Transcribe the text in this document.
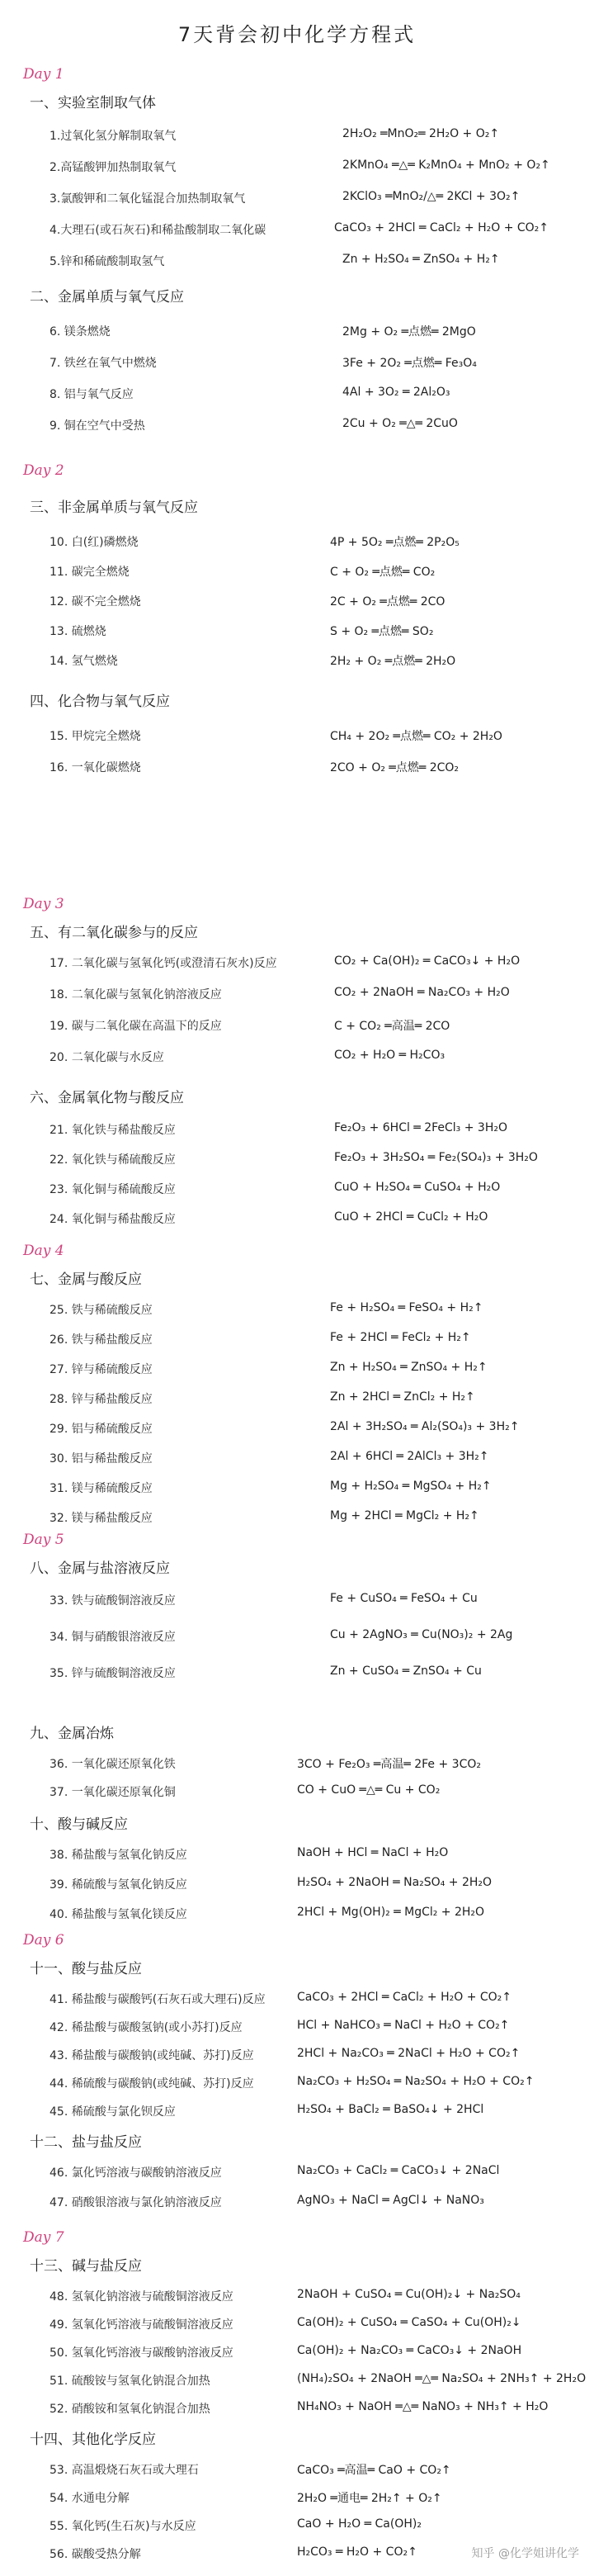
7天背会初中化学方程式
Day 1
一、实验室制取气体
Day 2
三、非金属单质与氧气反应
二、金属单质与氧气反应
四、化合物与氧气反应
Day 3
五、有二氧化碳参与的反应
六、金属氧化物与酸反应
Day 4
七、金属与酸反应
Day 5
八、金属与盐溶液反应
九、金属冶炼
十、酸与碱反应
Day 6
十一、酸与盐反应
十二、盐与盐反应
Day 7
十三、碱与盐反应
十四、其他化学反应
1.过氧化氢分解制取氧气	2H₂O₂ ═MnO₂═ 2H₂O + O₂↑
2.高锰酸钾加热制取氧气	2KMnO₄ ═△═ K₂MnO₄ + MnO₂ + O₂↑
3.氯酸钾和二氧化锰混合加热制取氧气	2KClO₃ ═MnO₂/△═ 2KCl + 3O₂↑
4.大理石(或石灰石)和稀盐酸制取二氧化碳	CaCO₃ + 2HCl ═ CaCl₂ + H₂O + CO₂↑
5.锌和稀硫酸制取氢气	Zn + H₂SO₄ ═ ZnSO₄ + H₂↑
6. 镁条燃烧	2Mg + O₂ ═点燃═ 2MgO
7. 铁丝在氧气中燃烧	3Fe + 2O₂ ═点燃═ Fe₃O₄
8. 铝与氧气反应	4Al + 3O₂ ═ 2Al₂O₃
9. 铜在空气中受热	2Cu + O₂ ═△═ 2CuO
10. 白(红)磷燃烧	4P + 5O₂ ═点燃═ 2P₂O₅
11. 碳完全燃烧	C + O₂ ═点燃═ CO₂
12. 碳不完全燃烧	2C + O₂ ═点燃═ 2CO
13. 硫燃烧	S + O₂ ═点燃═ SO₂
14. 氢气燃烧	2H₂ + O₂ ═点燃═ 2H₂O
15. 甲烷完全燃烧	CH₄ + 2O₂ ═点燃═ CO₂ + 2H₂O
16. 一氧化碳燃烧	2CO + O₂ ═点燃═ 2CO₂
17. 二氧化碳与氢氧化钙(或澄清石灰水)反应	CO₂ + Ca(OH)₂ ═ CaCO₃↓ + H₂O
18. 二氧化碳与氢氧化钠溶液反应	CO₂ + 2NaOH ═ Na₂CO₃ + H₂O
19. 碳与二氧化碳在高温下的反应	C + CO₂ ═高温═ 2CO
20. 二氧化碳与水反应	CO₂ + H₂O ═ H₂CO₃
21. 氧化铁与稀盐酸反应	Fe₂O₃ + 6HCl ═ 2FeCl₃ + 3H₂O
22. 氧化铁与稀硫酸反应	Fe₂O₃ + 3H₂SO₄ ═ Fe₂(SO₄)₃ + 3H₂O
23. 氧化铜与稀硫酸反应	CuO + H₂SO₄ ═ CuSO₄ + H₂O
24. 氧化铜与稀盐酸反应	CuO + 2HCl ═ CuCl₂ + H₂O
25. 铁与稀硫酸反应	Fe + H₂SO₄ ═ FeSO₄ + H₂↑
26. 铁与稀盐酸反应	Fe + 2HCl ═ FeCl₂ + H₂↑
27. 锌与稀硫酸反应	Zn + H₂SO₄ ═ ZnSO₄ + H₂↑
28. 锌与稀盐酸反应	Zn + 2HCl ═ ZnCl₂ + H₂↑
29. 铝与稀硫酸反应	2Al + 3H₂SO₄ ═ Al₂(SO₄)₃ + 3H₂↑
30. 铝与稀盐酸反应	2Al + 6HCl ═ 2AlCl₃ + 3H₂↑
31. 镁与稀硫酸反应	Mg + H₂SO₄ ═ MgSO₄ + H₂↑
32. 镁与稀盐酸反应	Mg + 2HCl ═ MgCl₂ + H₂↑
33. 铁与硫酸铜溶液反应	Fe + CuSO₄ ═ FeSO₄ + Cu
34. 铜与硝酸银溶液反应	Cu + 2AgNO₃ ═ Cu(NO₃)₂ + 2Ag
35. 锌与硫酸铜溶液反应	Zn + CuSO₄ ═ ZnSO₄ + Cu
36. 一氧化碳还原氧化铁	3CO + Fe₂O₃ ═高温═ 2Fe + 3CO₂
37. 一氧化碳还原氧化铜	CO + CuO ═△═ Cu + CO₂
38. 稀盐酸与氢氧化钠反应	NaOH + HCl ═ NaCl + H₂O
39. 稀硫酸与氢氧化钠反应	H₂SO₄ + 2NaOH ═ Na₂SO₄ + 2H₂O
40. 稀盐酸与氢氧化镁反应	2HCl + Mg(OH)₂ ═ MgCl₂ + 2H₂O
41. 稀盐酸与碳酸钙(石灰石或大理石)反应	CaCO₃ + 2HCl ═ CaCl₂ + H₂O + CO₂↑
42. 稀盐酸与碳酸氢钠(或小苏打)反应	HCl + NaHCO₃ ═ NaCl + H₂O + CO₂↑
43. 稀盐酸与碳酸钠(或纯碱、苏打)反应	2HCl + Na₂CO₃ ═ 2NaCl + H₂O + CO₂↑
44. 稀硫酸与碳酸钠(或纯碱、苏打)反应	Na₂CO₃ + H₂SO₄ ═ Na₂SO₄ + H₂O + CO₂↑
45. 稀硫酸与氯化钡反应	H₂SO₄ + BaCl₂ ═ BaSO₄↓ + 2HCl
46. 氯化钙溶液与碳酸钠溶液反应	Na₂CO₃ + CaCl₂ ═ CaCO₃↓ + 2NaCl
47. 硝酸银溶液与氯化钠溶液反应	AgNO₃ + NaCl ═ AgCl↓ + NaNO₃
48. 氢氧化钠溶液与硫酸铜溶液反应	2NaOH + CuSO₄ ═ Cu(OH)₂↓ + Na₂SO₄
49. 氢氧化钙溶液与硫酸铜溶液反应	Ca(OH)₂ + CuSO₄ ═ CaSO₄ + Cu(OH)₂↓
50. 氢氧化钙溶液与碳酸钠溶液反应	Ca(OH)₂ + Na₂CO₃ ═ CaCO₃↓ + 2NaOH
51. 硫酸铵与氢氧化钠混合加热	(NH₄)₂SO₄ + 2NaOH ═△═ Na₂SO₄ + 2NH₃↑ + 2H₂O
52. 硝酸铵和氢氧化钠混合加热	NH₄NO₃ + NaOH ═△═ NaNO₃ + NH₃↑ + H₂O
53. 高温煅烧石灰石或大理石	CaCO₃ ═高温═ CaO + CO₂↑
54. 水通电分解	2H₂O ═通电═ 2H₂↑ + O₂↑
55. 氧化钙(生石灰)与水反应	CaO + H₂O ═ Ca(OH)₂
56. 碳酸受热分解	H₂CO₃ ═ H₂O + CO₂↑	知乎 @化学姐讲化学
